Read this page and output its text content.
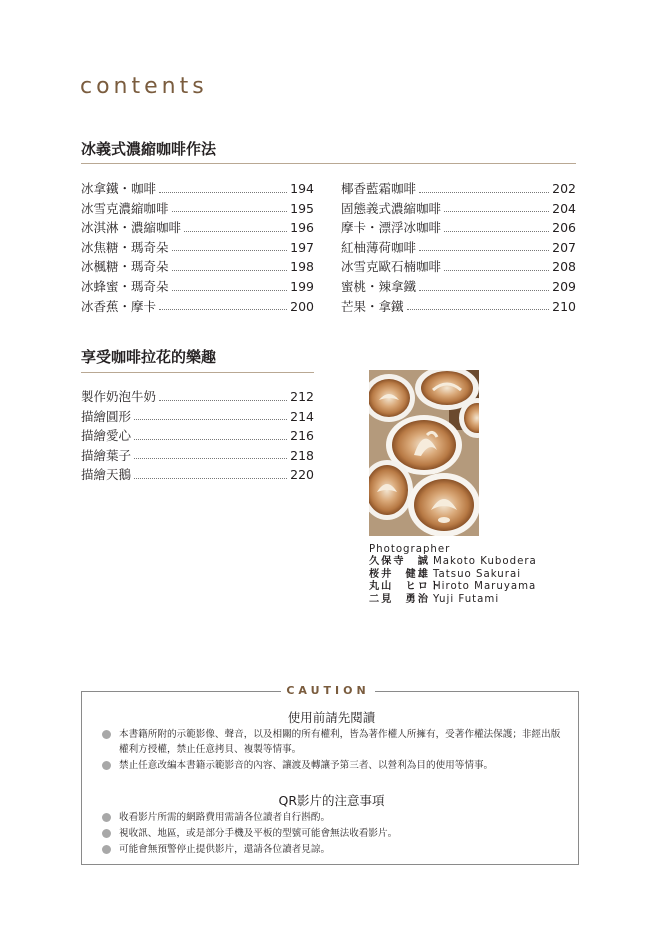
contents
冰義式濃縮咖啡作法
冰拿鐵・咖啡	194
冰雪克濃縮咖啡	195
冰淇淋・濃縮咖啡	196
冰焦糖・瑪奇朵	197
冰楓糖・瑪奇朵	198
冰蜂蜜・瑪奇朵	199
冰香蕉・摩卡	200
椰香藍霜咖啡	202
固態義式濃縮咖啡	204
摩卡・漂浮冰咖啡	206
紅柚薄荷咖啡	207
冰雪克歐石楠咖啡	208
蜜桃・辣拿鐵	209
芒果・拿鐵	210
享受咖啡拉花的樂趣
製作奶泡牛奶	212
描繪圓形	214
描繪愛心	216
描繪葉子	218
描繪天鵝	220
Photographer
久保寺　誠 Makoto Kubodera
桜井　健雄 Tatsuo Sakurai
丸山　ヒロトHiroto Maruyama
二見　勇治 Yuji Futami
CAUTION
使用前請先閱讀
本書籍所附的示範影像、聲音，以及相關的所有權利，皆為著作權人所擁有，受著作權法保護；非經出版權利方授權，禁止任意拷貝、複製等情事。
禁止任意改編本書籍示範影音的內容、讓渡及轉讓予第三者、以營利為目的使用等情事。
QR影片的注意事項
收看影片所需的網路費用需請各位讀者自行斟酌。
視收訊、地區，或是部分手機及平板的型號可能會無法收看影片。
可能會無預警停止提供影片，還請各位讀者見諒。
